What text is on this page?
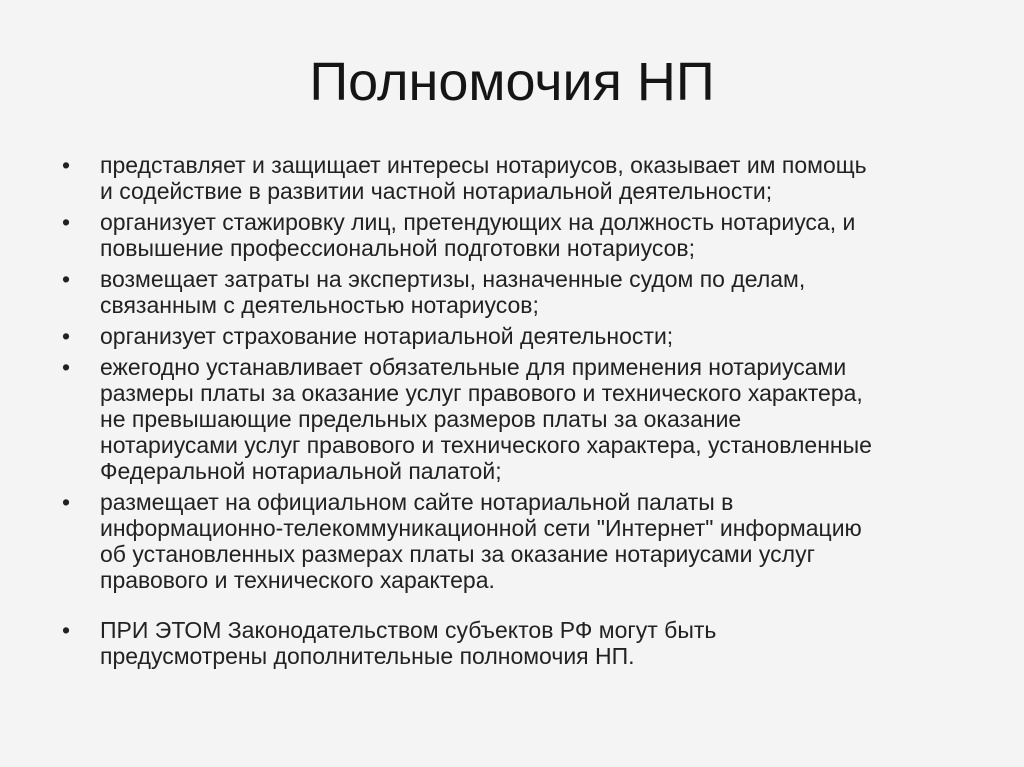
Полномочия НП
• представляет и защищает интересы нотариусов, оказывает им помощь
и содействие в развитии частной нотариальной деятельности;
• организует стажировку лиц, претендующих на должность нотариуса, и
повышение профессиональной подготовки нотариусов;
• возмещает затраты на экспертизы, назначенные судом по делам,
связанным с деятельностью нотариусов;
• организует страхование нотариальной деятельности;
• ежегодно устанавливает обязательные для применения нотариусами
размеры платы за оказание услуг правового и технического характера,
не превышающие предельных размеров платы за оказание
нотариусами услуг правового и технического характера, установленные
Федеральной нотариальной палатой;
• размещает на официальном сайте нотариальной палаты в
информационно-телекоммуникационной сети "Интернет" информацию
об установленных размерах платы за оказание нотариусами услуг
правового и технического характера.
• ПРИ ЭТОМ Законодательством субъектов РФ могут быть
предусмотрены дополнительные полномочия НП.
